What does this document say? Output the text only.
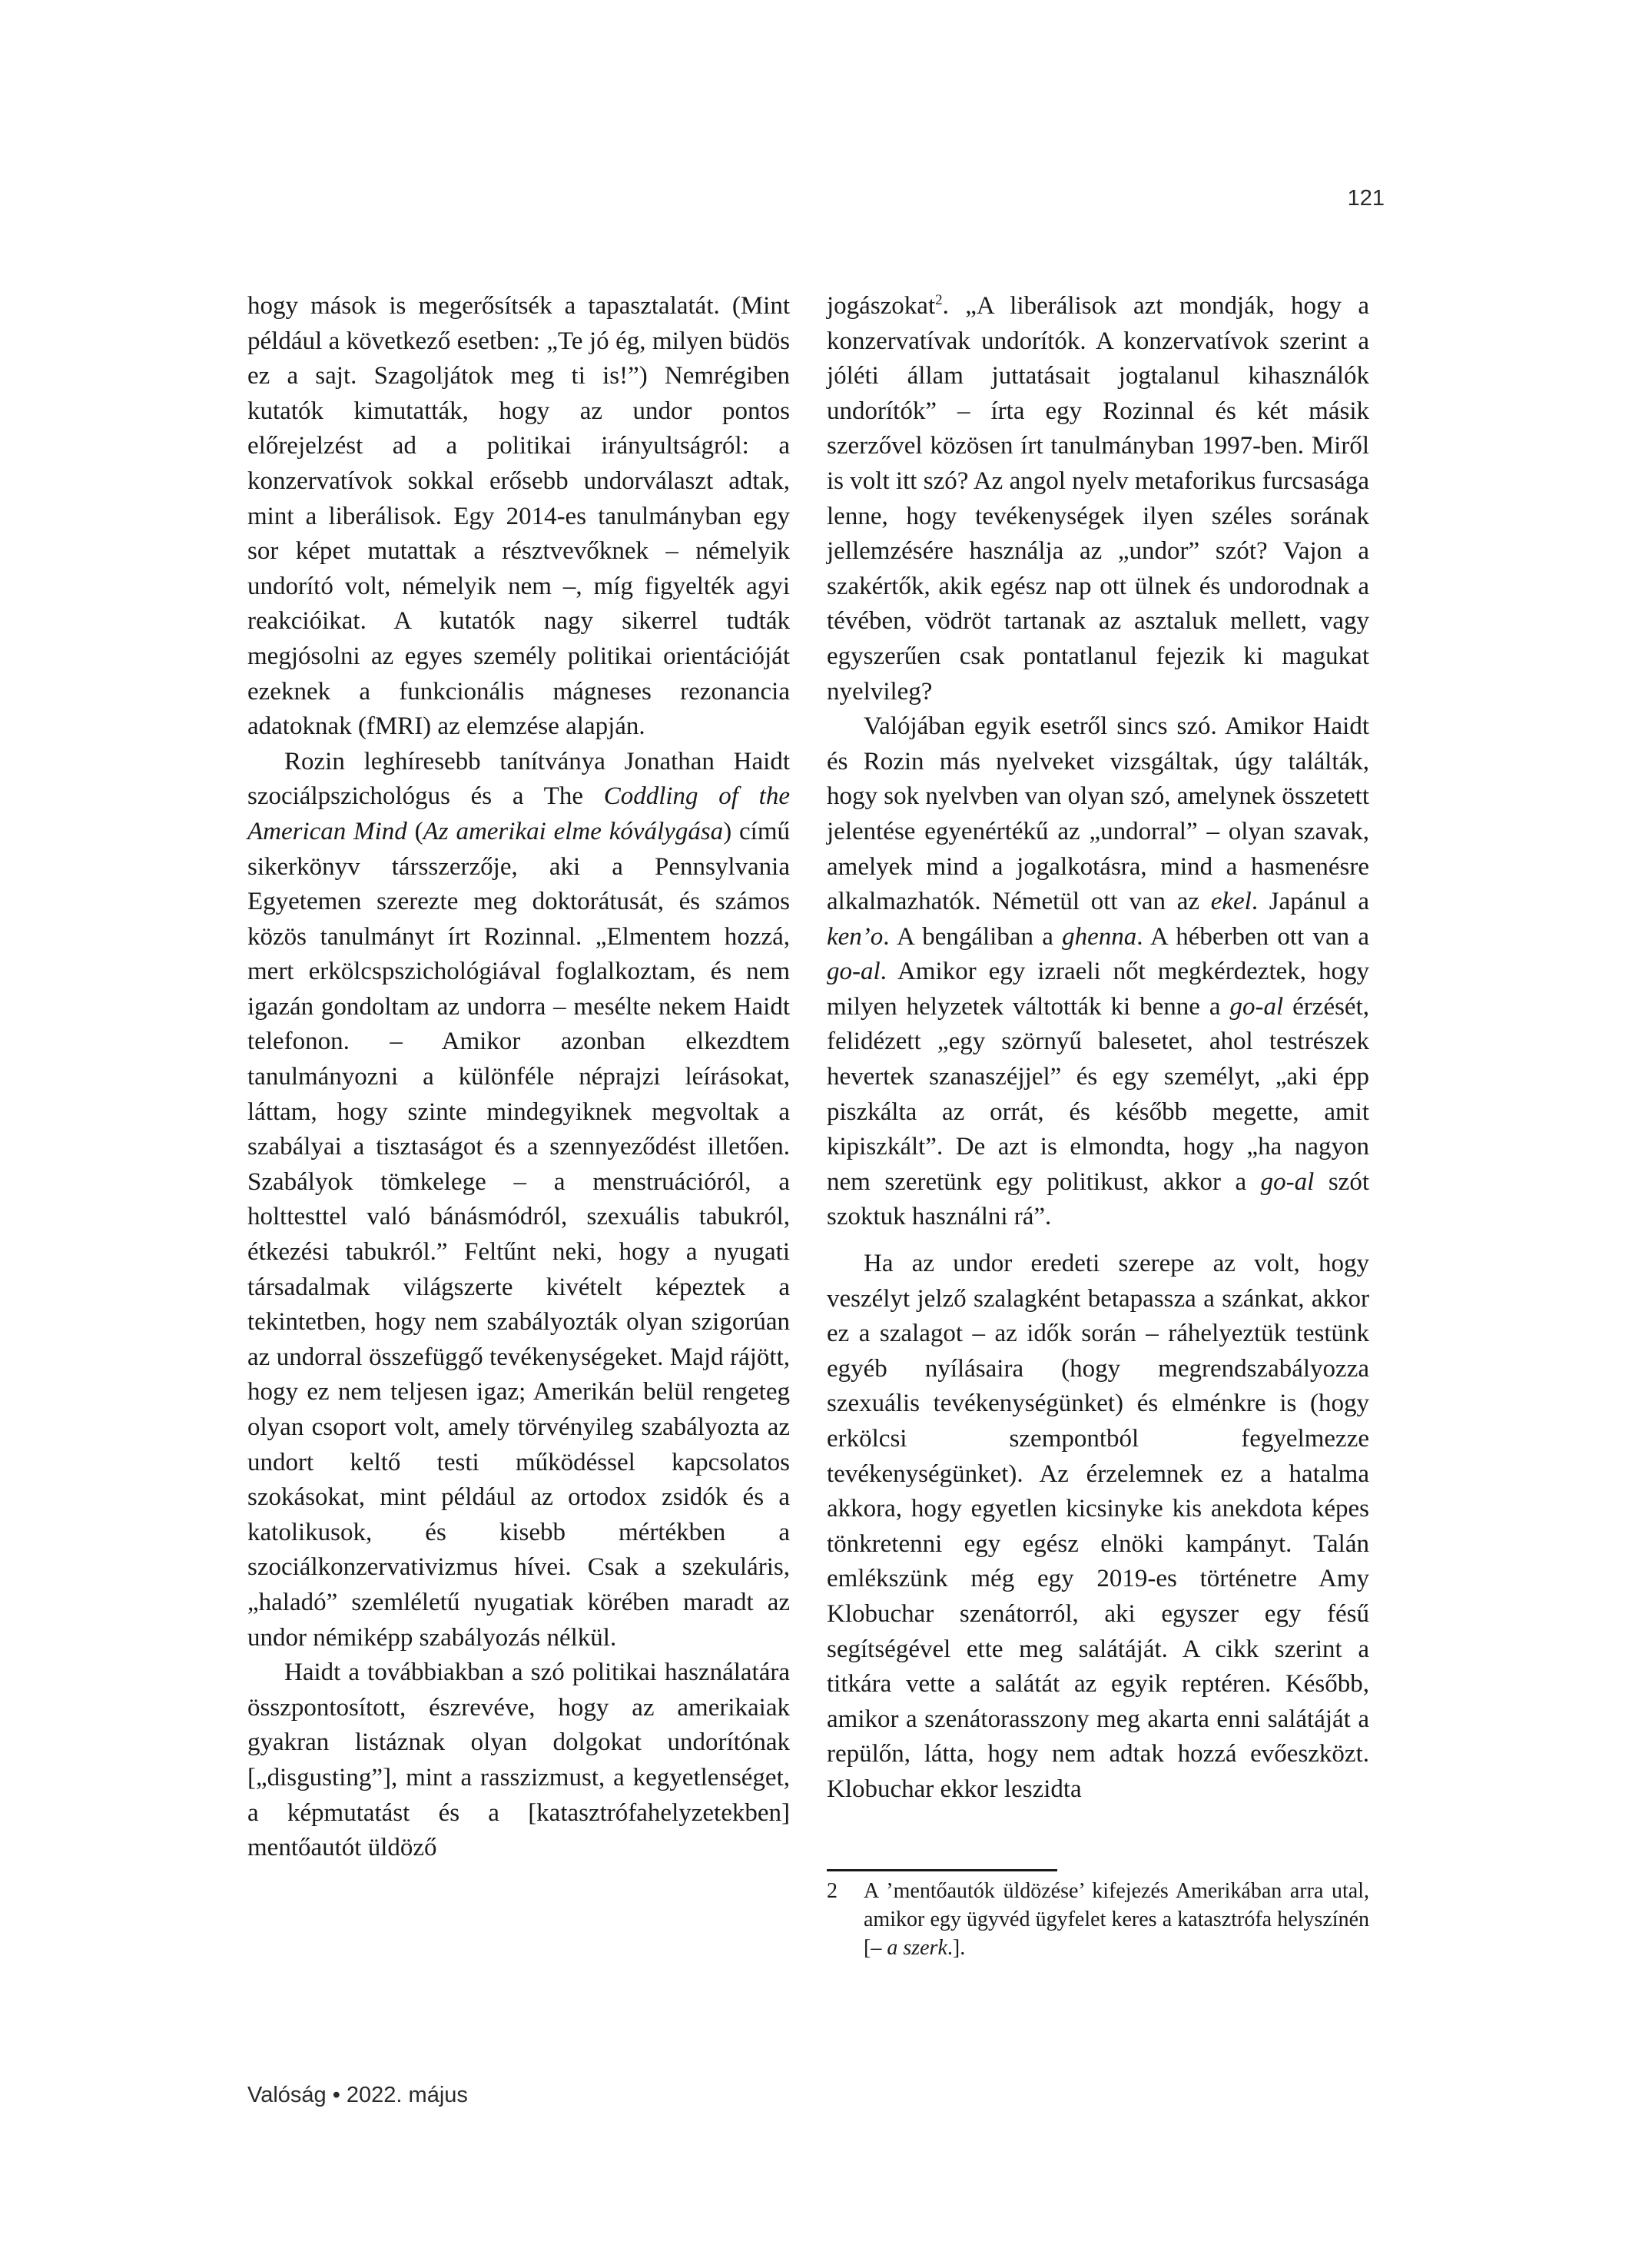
121

hogy mások is megerősítsék a tapasztalatát. (Mint például a következő esetben: „Te jó ég, milyen büdös ez a sajt. Szagoljátok meg ti is!”) Nemrégiben kutatók kimutatták, hogy az undor pontos előrejelzést ad a politikai irányultságról: a konzervatívok sokkal erősebb undorválaszt adtak, mint a liberálisok. Egy 2014-es tanulmányban egy sor képet mutattak a résztvevőknek – némelyik undorító volt, némelyik nem –, míg figyelték agyi reakcióikat. A kutatók nagy sikerrel tudták megjósolni az egyes személy politikai orientációját ezeknek a funkcionális mágneses rezonancia adatoknak (fMRI) az elemzése alapján.

Rozin leghíresebb tanítványa Jonathan Haidt szociálpszichológus és a The Coddling of the American Mind (Az amerikai elme kóválygása) című sikerkönyv társszerzője, aki a Pennsylvania Egyetemen szerezte meg doktorátusát, és számos közös tanulmányt írt Rozinnal. „Elmentem hozzá, mert erkölcspszichológiával foglalkoztam, és nem igazán gondoltam az undorra – mesélte nekem Haidt telefonon. – Amikor azonban elkezdtem tanulmányozni a különféle néprajzi leírásokat, láttam, hogy szinte mindegyiknek megvoltak a szabályai a tisztaságot és a szennyeződést illetően. Szabályok tömkelege – a menstruációról, a holttesttel való bánásmódról, szexuális tabukról, étkezési tabukról.” Feltűnt neki, hogy a nyugati társadalmak világszerte kivételt képeztek a tekintetben, hogy nem szabályozták olyan szigorúan az undorral összefüggő tevékenységeket. Majd rájött, hogy ez nem teljesen igaz; Amerikán belül rengeteg olyan csoport volt, amely törvényileg szabályozta az undort keltő testi működéssel kapcsolatos szokásokat, mint például az ortodox zsidók és a katolikusok, és kisebb mértékben a szociálkonzervativizmus hívei. Csak a szekuláris, „haladó” szemléletű nyugatiak körében maradt az undor némiképp szabályozás nélkül.

Haidt a továbbiakban a szó politikai használatára összpontosított, észrevéve, hogy az amerikaiak gyakran listáznak olyan dolgokat undorítónak [„disgusting”], mint a rasszizmust, a kegyetlenséget, a képmutatást és a [katasztrófahelyzetekben] mentőautót üldöző

jogászokat$^2$. „A liberálisok azt mondják, hogy a konzervatívak undorítók. A konzervatívok szerint a jóléti állam juttatásait jogtalanul kihasználók undorítók” – írta egy Rozinnal és két másik szerzővel közösen írt tanulmányban 1997-ben. Miről is volt itt szó? Az angol nyelv metaforikus furcsasága lenne, hogy tevékenységek ilyen széles sorának jellemzésére használja az „undor” szót? Vajon a szakértők, akik egész nap ott ülnek és undorodnak a tévében, vödröt tartanak az asztaluk mellett, vagy egyszerűen csak pontatlanul fejezik ki magukat nyelvileg?

Valójában egyik esetről sincs szó. Amikor Haidt és Rozin más nyelveket vizsgáltak, úgy találták, hogy sok nyelvben van olyan szó, amelynek összetett jelentése egyenértékű az „undorral” – olyan szavak, amelyek mind a jogalkotásra, mind a hasmenésre alkalmazhatók. Németül ott van az ekel. Japánul a ken’o. A bengáliban a ghenna. A héberben ott van a go-al. Amikor egy izraeli nőt megkérdeztek, hogy milyen helyzetek váltották ki benne a go-al érzését, felidézett „egy szörnyű balesetet, ahol testrészek hevertek szanaszéjjel” és egy személyt, „aki épp piszkálta az orrát, és később megette, amit kipiszkált”. De azt is elmondta, hogy „ha nagyon nem szeretünk egy politikust, akkor a go-al szót szoktuk használni rá”.

Ha az undor eredeti szerepe az volt, hogy veszélyt jelző szalagként betapassza a szánkat, akkor ez a szalagot – az idők során – ráhelyeztük testünk egyéb nyílásaira (hogy megrendszabályozza szexuális tevékenységünket) és elménkre is (hogy erkölcsi szempontból fegyelmezze tevékenységünket). Az érzelemnek ez a hatalma akkora, hogy egyetlen kicsinyke kis anekdota képes tönkretenni egy egész elnöki kampányt. Talán emlékszünk még egy 2019-es történetre Amy Klobuchar szenátorról, aki egyszer egy fésű segítségével ette meg salátáját. A cikk szerint a titkára vette a salátát az egyik reptéren. Később, amikor a szenátorasszony meg akarta enni salátáját a repülőn, látta, hogy nem adtak hozzá evőeszközt. Klobuchar ekkor leszidta

2	A ’mentőautók üldözése’ kifejezés Amerikában arra utal, amikor egy ügyvéd ügyfelet keres a katasztrófa helyszínén [– a szerk.].
Valóság • 2022. május
